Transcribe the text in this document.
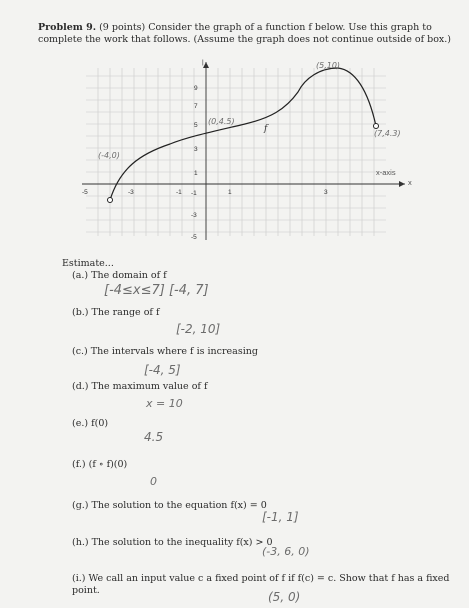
Problem 9. (9 points) Consider the graph of a function f below. Use this graph to complete the work that follows. (Assume the graph does not continue outside of box.)
|
9
7
5
3
1
-1
-3
-5
-5	-3	-1	1	3
x-axis
x
f
(-4,0)
(0,4.5)
(5,10)
(7,4.3)
Estimate...
(a.) The domain of f
[-4≤x≤7] [-4, 7]
(b.) The range of f
[-2, 10]
(c.) The intervals where f is increasing
[-4, 5]
(d.) The maximum value of f
x = 10
(e.) f(0)
4.5
(f.) (f ∘ f)(0)
0
(g.) The solution to the equation f(x) = 0
[-1, 1]
(h.) The solution to the inequality f(x) > 0
(-3, 6, 0)
(i.) We call an input value c a fixed point of f if f(c) = c. Show that f has a fixed point.	(5, 0)
